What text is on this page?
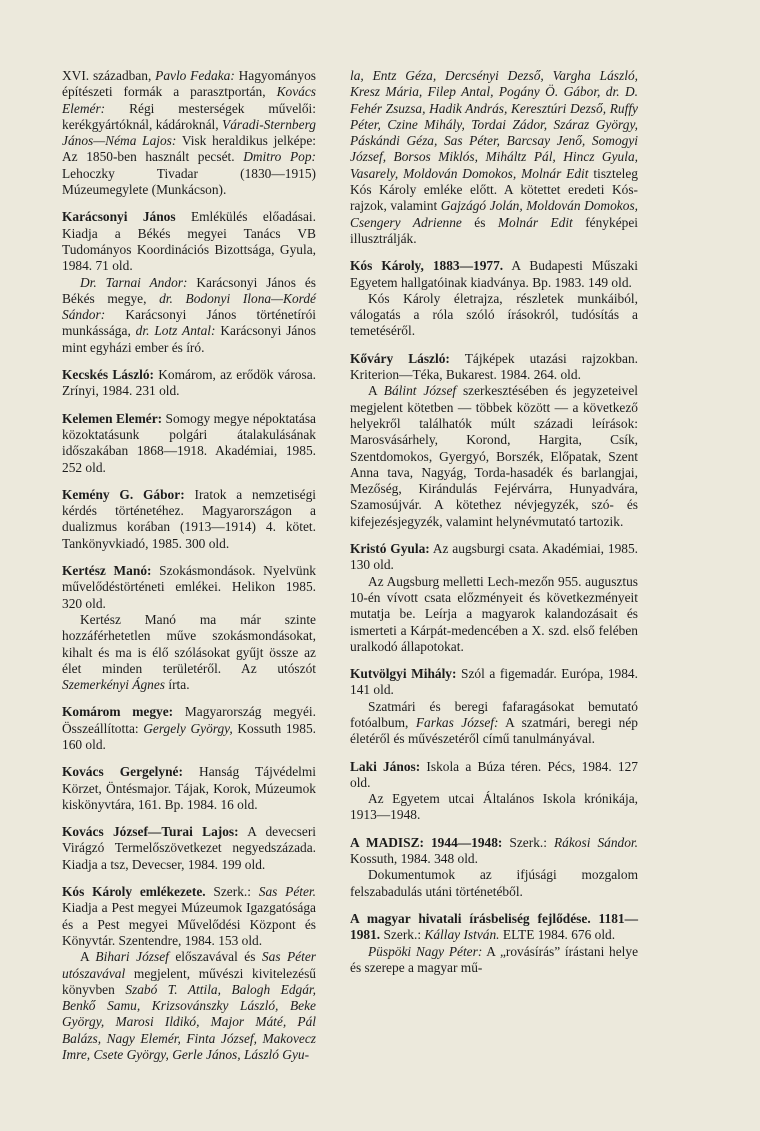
XVI. században, Pavlo Fedaka: Hagyományos építészeti formák a parasztportán, Kovács Elemér: Régi mesterségek művelői: kerékgyártóknál, kádároknál, Váradi-Sternberg János—Néma Lajos: Visk heraldikus jelképe: Az 1850-ben használt pecsét. Dmitro Pop: Lehoczky Tivadar (1830—1915) Múzeumegylete (Munkácson).

Karácsonyi János Emlékülés előadásai. Kiadja a Békés megyei Tanács VB Tudományos Koordinációs Bizottsága, Gyula, 1984. 71 old.

Dr. Tarnai Andor: Karácsonyi János és Békés megye, dr. Bodonyi Ilona—Kordé Sándor: Karácsonyi János történetírói munkássága, dr. Lotz Antal: Karácsonyi János mint egyházi ember és író.

Kecskés László: Komárom, az erődök városa. Zrínyi, 1984. 231 old.

Kelemen Elemér: Somogy megye népoktatása közoktatásunk polgári átalakulásának időszakában 1868—1918. Akadémiai, 1985. 252 old.

Kemény G. Gábor: Iratok a nemzetiségi kérdés történetéhez. Magyarországon a dualizmus korában (1913—1914) 4. kötet. Tankönyvkiadó, 1985. 300 old.

Kertész Manó: Szokásmondások. Nyelvünk művelődéstörténeti emlékei. Helikon 1985. 320 old.

Kertész Manó ma már szinte hozzáférhetetlen műve szokásmondásokat, kihalt és ma is élő szólásokat gyűjt össze az élet minden területéről. Az utószót Szemerkényi Ágnes írta.

Komárom megye: Magyarország megyéi. Összeállította: Gergely György, Kossuth 1985. 160 old.

Kovács Gergelyné: Hanság Tájvédelmi Körzet, Öntésmajor. Tájak, Korok, Múzeumok kiskönyvtára, 161. Bp. 1984. 16 old.

Kovács József—Turai Lajos: A devecseri Virágzó Termelőszövetkezet negyedszázada. Kiadja a tsz, Devecser, 1984. 199 old.

Kós Károly emlékezete. Szerk.: Sas Péter. Kiadja a Pest megyei Múzeumok Igazgatósága és a Pest megyei Művelődési Központ és Könyvtár. Szentendre, 1984. 153 old.

A Bihari József előszavával és Sas Péter utószavával megjelent, művészi kivitelezésű könyvben Szabó T. Attila, Balogh Edgár, Benkő Samu, Krizsovánszky László, Beke György, Marosi Ildikó, Major Máté, Pál Balázs, Nagy Elemér, Finta József, Makovecz Imre, Csete György, Gerle János, László Gyu-

la, Entz Géza, Dercsényi Dezső, Vargha László, Kresz Mária, Filep Antal, Pogány Ö. Gábor, dr. D. Fehér Zsuzsa, Hadik András, Keresztúri Dezső, Ruffy Péter, Czine Mihály, Tordai Zádor, Száraz György, Páskándi Géza, Sas Péter, Barcsay Jenő, Somogyi József, Borsos Miklós, Miháltz Pál, Hincz Gyula, Vasarely, Moldován Domokos, Molnár Edit tiszteleg Kós Károly emléke előtt. A kötettet eredeti Kós-rajzok, valamint Gajzágó Jolán, Moldován Domokos, Csengery Adrienne és Molnár Edit fényképei illusztrálják.

Kós Károly, 1883—1977. A Budapesti Műszaki Egyetem hallgatóinak kiadványa. Bp. 1983. 149 old.

Kós Károly életrajza, részletek munkáiból, válogatás a róla szóló írásokról, tudósítás a temetéséről.

Kőváry László: Tájképek utazási rajzokban. Kriterion—Téka, Bukarest. 1984. 264. old.

A Bálint József szerkesztésében és jegyzeteivel megjelent kötetben — többek között — a következő helyekről találhatók múlt századi leírások: Marosvásárhely, Korond, Hargita, Csík, Szentdomokos, Gyergyó, Borszék, Előpatak, Szent Anna tava, Nagyág, Torda-hasadék és barlangjai, Mezőség, Kirándulás Fejérvárra, Hunyadvára, Szamosújvár. A kötethez névjegyzék, szó- és kifejezésjegyzék, valamint helynévmutató tartozik.

Kristó Gyula: Az augsburgi csata. Akadémiai, 1985. 130 old.

Az Augsburg melletti Lech-mezőn 955. augusztus 10-én vívott csata előzményeit és következményeit mutatja be. Leírja a magyarok kalandozásait és ismerteti a Kárpát-medencében a X. szd. első felében uralkodó állapotokat.

Kutvölgyi Mihály: Szól a figemadár. Európa, 1984. 141 old.

Szatmári és beregi fafaragásokat bemutató fotóalbum, Farkas József: A szatmári, beregi nép életéről és művészetéről című tanulmányával.

Laki János: Iskola a Búza téren. Pécs, 1984. 127 old.

Az Egyetem utcai Általános Iskola krónikája, 1913—1948.

A MADISZ: 1944—1948: Szerk.: Rákosi Sándor. Kossuth, 1984. 348 old.

Dokumentumok az ifjúsági mozgalom felszabadulás utáni történetéből.

A magyar hivatali írásbeliség fejlődése. 1181—1981. Szerk.: Kállay István. ELTE 1984. 676 old.

Püspöki Nagy Péter: A „rovásírás” írástani helye és szerepe a magyar mű-
